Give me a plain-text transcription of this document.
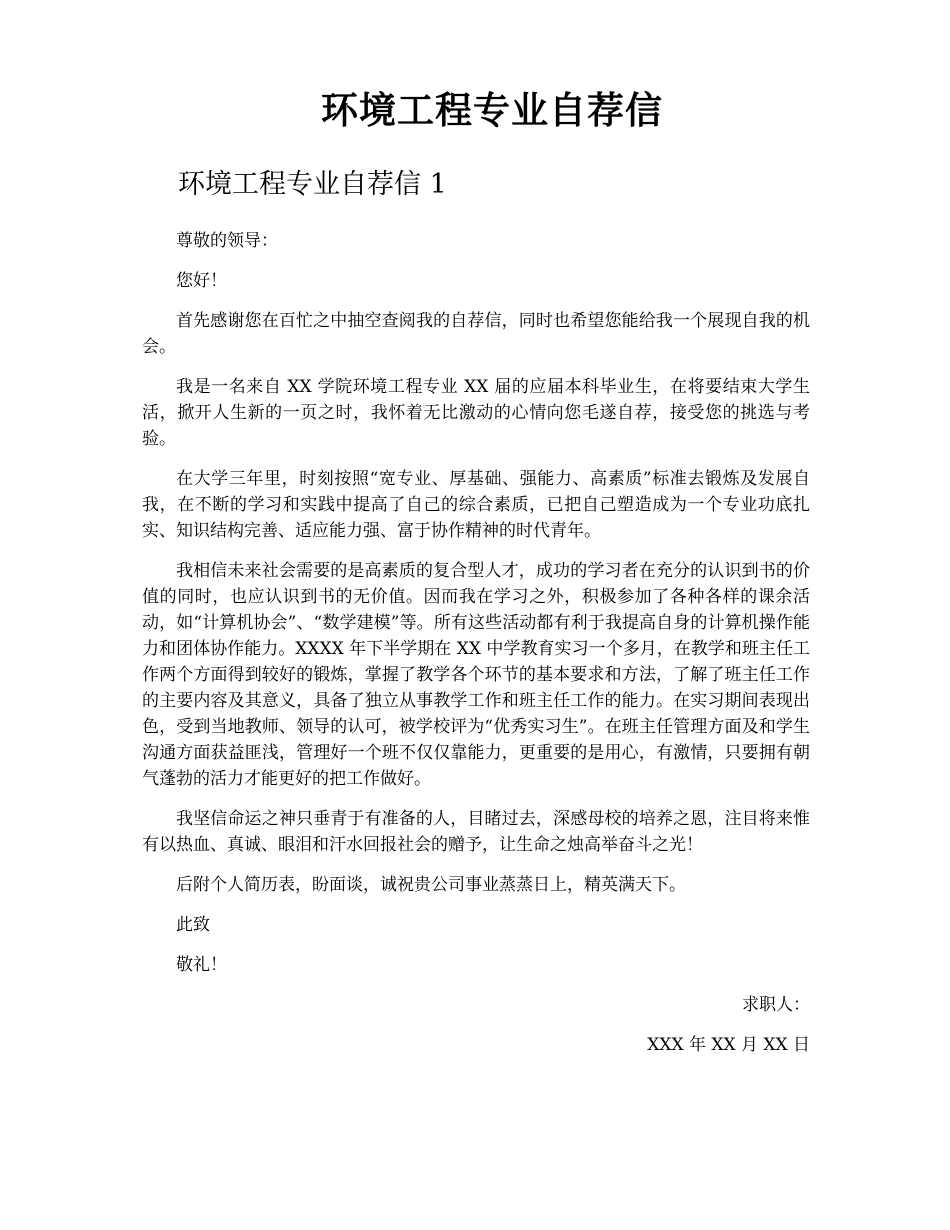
环境工程专业自荐信
环境工程专业自荐信 1

尊敬的领导：

您好！

首先感谢您在百忙之中抽空查阅我的自荐信，同时也希望您能给我一个展现自我的机会。

我是一名来自 XX 学院环境工程专业 XX 届的应届本科毕业生，在将要结束大学生活，掀开人生新的一页之时，我怀着无比激动的心情向您毛遂自荐，接受您的挑选与考验。

在大学三年里，时刻按照“宽专业、厚基础、强能力、高素质”标准去锻炼及发展自我，在不断的学习和实践中提高了自己的综合素质，已把自己塑造成为一个专业功底扎实、知识结构完善、适应能力强、富于协作精神的时代青年。

我相信未来社会需要的是高素质的复合型人才，成功的学习者在充分的认识到书的价值的同时，也应认识到书的无价值。因而我在学习之外，积极参加了各种各样的课余活动，如“计算机协会”、“数学建模”等。所有这些活动都有利于我提高自身的计算机操作能力和团体协作能力。XXXX 年下半学期在 XX 中学教育实习一个多月，在教学和班主任工作两个方面得到较好的锻炼，掌握了教学各个环节的基本要求和方法，了解了班主任工作的主要内容及其意义，具备了独立从事教学工作和班主任工作的能力。在实习期间表现出色，受到当地教师、领导的认可，被学校评为“优秀实习生”。在班主任管理方面及和学生沟通方面获益匪浅，管理好一个班不仅仅靠能力，更重要的是用心，有激情，只要拥有朝气蓬勃的活力才能更好的把工作做好。

我坚信命运之神只垂青于有准备的人，目睹过去，深感母校的培养之恩，注目将来惟有以热血、真诚、眼泪和汗水回报社会的赠予，让生命之烛高举奋斗之光！

后附个人简历表，盼面谈，诚祝贵公司事业蒸蒸日上，精英满天下。

此致

敬礼！

求职人：

XXX 年 XX 月 XX 日
